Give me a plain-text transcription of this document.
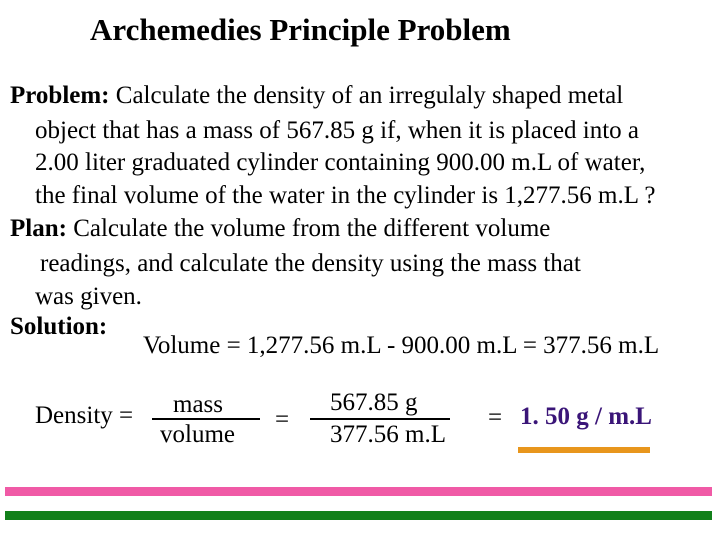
Archemedies Principle Problem
Problem: Calculate the density of an irregulaly shaped metal
object that has a mass of 567.85 g if, when it is placed into a
2.00 liter graduated cylinder containing 900.00 m.L of water,
the final volume of the water in the cylinder is 1,277.56 m.L ?
Plan: Calculate the volume from the different volume
readings, and calculate the density using the mass that
was given.
Solution:
Volume = 1,277.56 m.L - 900.00 m.L = 377.56 m.L
Density = mass
volume
=
567.85 g
377.56 m.L
= 1. 50 g / m.L
